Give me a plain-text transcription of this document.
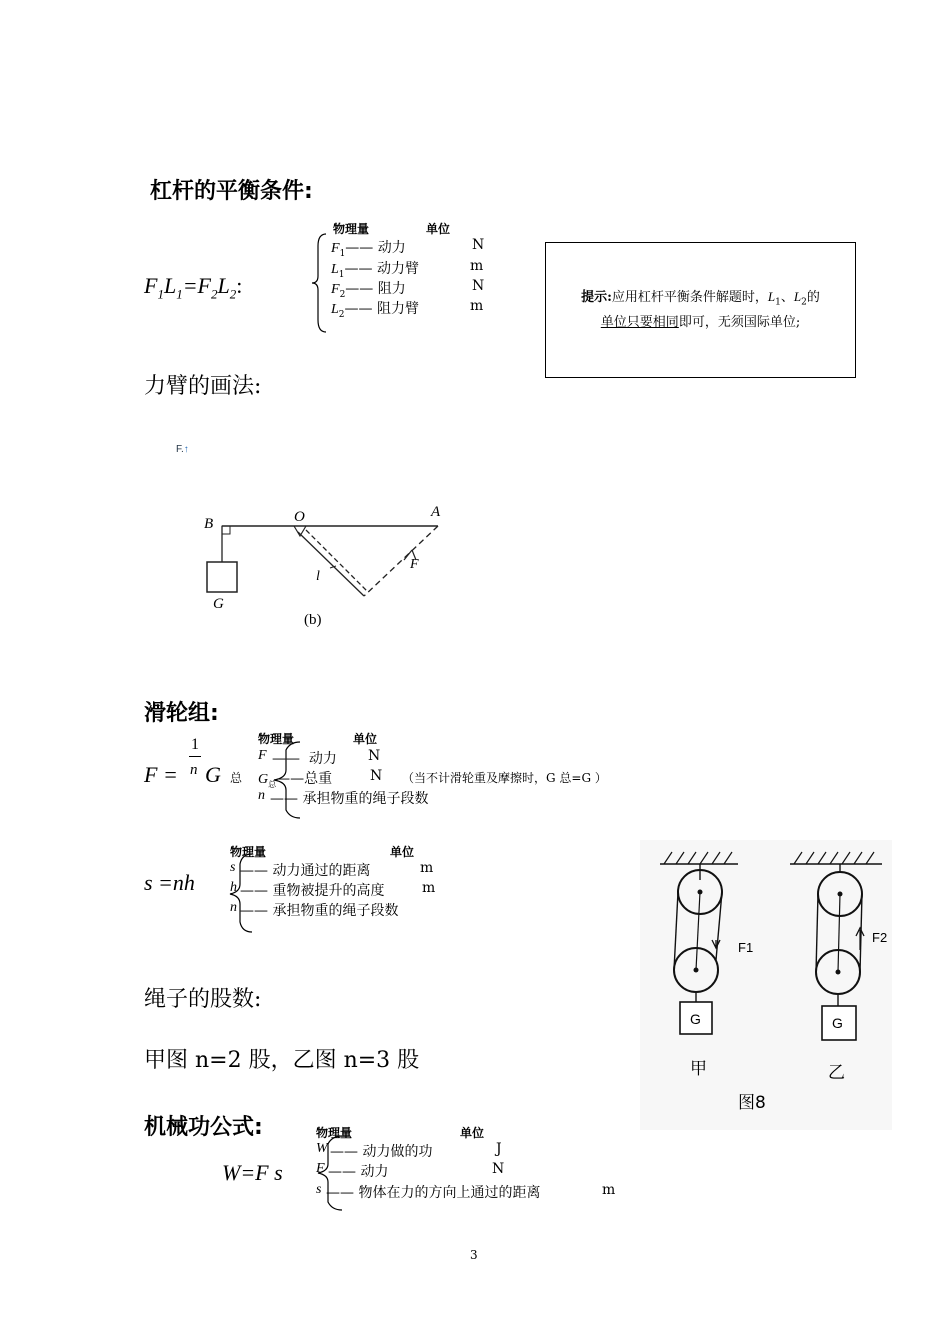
杠杆的平衡条件:
$F_1L_1=F_2L_2$:
物理量	单位
$F_1——$ 动力	N
$L_1——$ 动力臂	m
$F_2——$ 阻力	N
$L_2——$ 阻力臂	m
提示:应用杠杆平衡条件解题时，$L_1$、$L_2$的
单位只要相同即可，无须国际单位;
力臂的画法:
F.↑
B	O	A
F
G
l
(b)
滑轮组:
F =
1
n G 总
物理量	单位
F ——  动力 N
$G_总——$总重	N （当不计滑轮重及摩擦时，G 总=G ）
n —— 承担物重的绳子段数
s =nh
物理量	单位
s —— 动力通过的距离	m
h —— 重物被提升的高度	m
n —— 承担物重的绳子段数
绳子的股数:
甲图 n=2 股，乙图 n=3 股
G
F1
甲
G
F2
乙
图8
机械功公式:
W=F s
物理量	单位
W —— 动力做的功	J
F —— 动力	N
s —— 物体在力的方向上通过的距离	m
3
